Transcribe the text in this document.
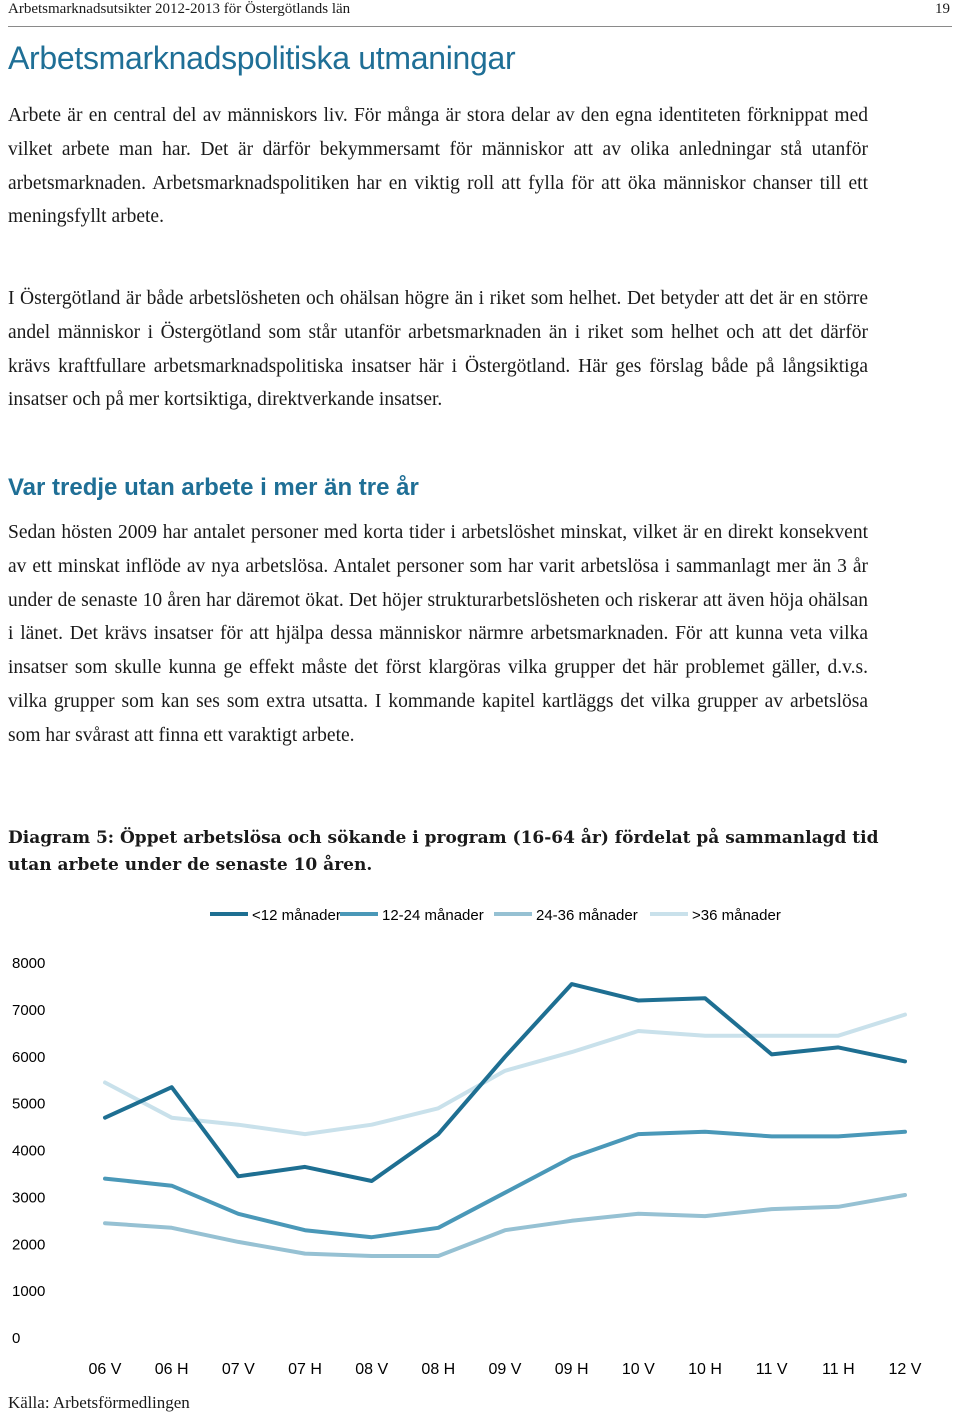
Arbetsmarknadsutsikter 2012-2013 för Östergötlands län	19
Arbetsmarknadspolitiska utmaningar

Arbete är en central del av människors liv. För många är stora delar av den egna identiteten förknippat med vilket arbete man har. Det är därför bekymmersamt för människor att av olika anledningar stå utanför arbetsmarknaden. Arbetsmarknadspolitiken har en viktig roll att fylla för att öka människor chanser till ett meningsfyllt arbete.

I Östergötland är både arbetslösheten och ohälsan högre än i riket som helhet. Det betyder att det är en större andel människor i Östergötland som står utanför arbetsmarknaden än i riket som helhet och att det därför krävs kraftfullare arbetsmarknadspolitiska insatser här i Östergötland. Här ges förslag både på långsiktiga insatser och på mer kortsiktiga, direktverkande insatser.

Var tredje utan arbete i mer än tre år

Sedan hösten 2009 har antalet personer med korta tider i arbetslöshet minskat, vilket är en direkt konsekvent av ett minskat inflöde av nya arbetslösa. Antalet personer som har varit arbetslösa i sammanlagt mer än 3 år under de senaste 10 åren har däremot ökat. Det höjer strukturarbetslösheten och riskerar att även höja ohälsan i länet. Det krävs insatser för att hjälpa dessa människor närmre arbetsmarknaden. För att kunna veta vilka insatser som skulle kunna ge effekt måste det först klargöras vilka grupper det här problemet gäller, d.v.s. vilka grupper som kan ses som extra utsatta. I kommande kapitel kartläggs det vilka grupper av arbetslösa som har svårast att finna ett varaktigt arbete.

Diagram 5: Öppet arbetslösa och sökande i program (16-64 år) fördelat på sammanlagd tid utan arbete under de senaste 10 åren.

<12 månader	12-24 månader	24-36 månader	>36 månader
0
1000
2000
3000
4000
5000
6000
7000
8000
06 V 06 H 07 V 07 H 08 V 08 H 09 V 09 H 10 V 10 H 11 V 11 H 12 V
Källa: Arbetsförmedlingen
